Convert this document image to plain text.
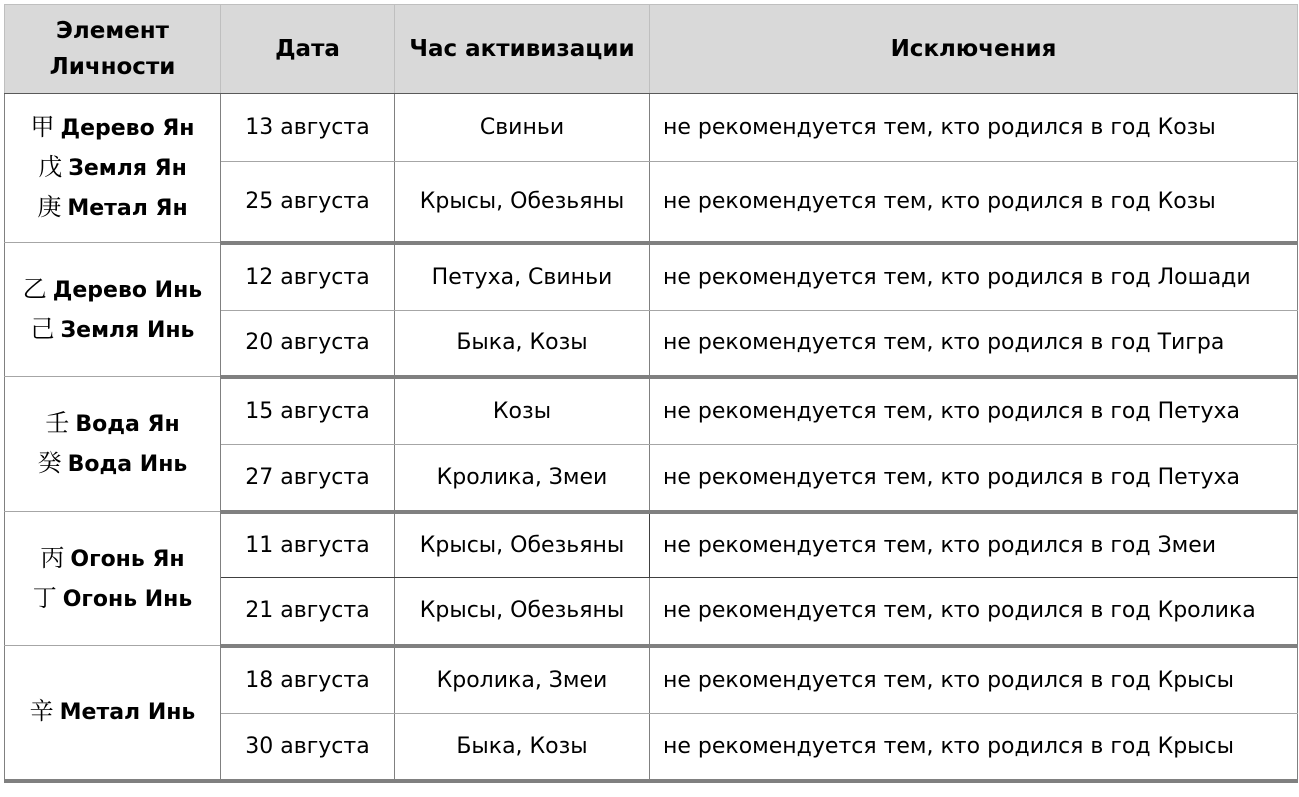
Элемент Личности	Дата	Час активизации	Исключения

甲 Дерево Ян
戊 Земля Ян
庚 Метал Ян	13 августа	Свиньи	не рекомендуется тем, кто родился в год Козы
	25 августа	Крысы, Обезьяны	не рекомендуется тем, кто родился в год Козы

乙 Дерево Инь
己 Земля Инь	12 августа	Петуха, Свиньи	не рекомендуется тем, кто родился в год Лошади
	20 августа	Быка, Козы	не рекомендуется тем, кто родился в год Тигра

壬 Вода Ян
癸 Вода Инь	15 августа	Козы	не рекомендуется тем, кто родился в год Петуха
	27 августа	Кролика, Змеи	не рекомендуется тем, кто родился в год Петуха

丙 Огонь Ян
丁 Огонь Инь	11 августа	Крысы, Обезьяны	не рекомендуется тем, кто родился в год Змеи
	21 августа	Крысы, Обезьяны	не рекомендуется тем, кто родился в год Кролика

辛 Метал Инь	18 августа	Кролика, Змеи	не рекомендуется тем, кто родился в год Крысы
	30 августа	Быка, Козы	не рекомендуется тем, кто родился в год Крысы
